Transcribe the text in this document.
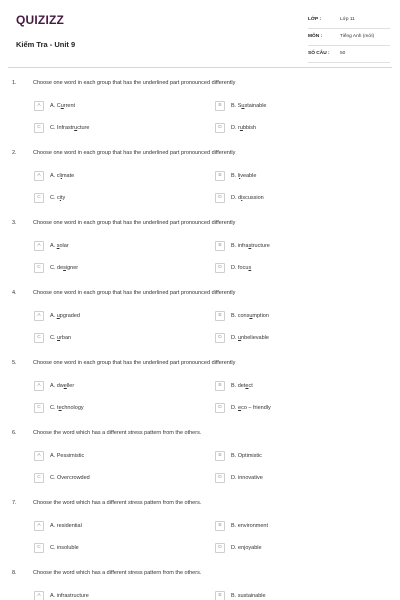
QUIZIZZ
Kiểm Tra - Unit 9
LỚP :	Lớp 11
MÔN :	Tiếng Anh (mới)
SỐ CÂU : 50
1.	Choose one word in each group that has the underlined part pronounced differently
A	A. Current	B	B. Sustainable
C	C. Infrastructure	D	D. rubbish
2.	Choose one word in each group that has the underlined part pronounced differently
A	A. climate	B	B. liveable
C	C. city	D	D. discussion
3.	Choose one word in each group that has the underlined part pronounced differently
A	A. solar	B	B. infrastructure
C	C. designer	D	D. focus
4.	Choose one word in each group that has the underlined part pronounced differently
A	A. upgraded	B	B. consumption
C	C. urban	D	D. unbelievable
5.	Choose one word in each group that has the underlined part pronounced differently
A	A. dweller	B	B. detect
C	C. technology	D	D. eco – friendly
6.	Choose the word which has a different stress pattern from the others.
A	A. Pessimistic	B	B. Optimistic
C	C. Overcrowded	D	D. innovative
7.	Choose the word which has a different stress pattern from the others.
A	A. residential	B	B. environment
C	C. insoluble	D	D. enjoyable
8.	Choose the word which has a different stress pattern from the others.
A	A. infrastructure	B	B. sustainable
